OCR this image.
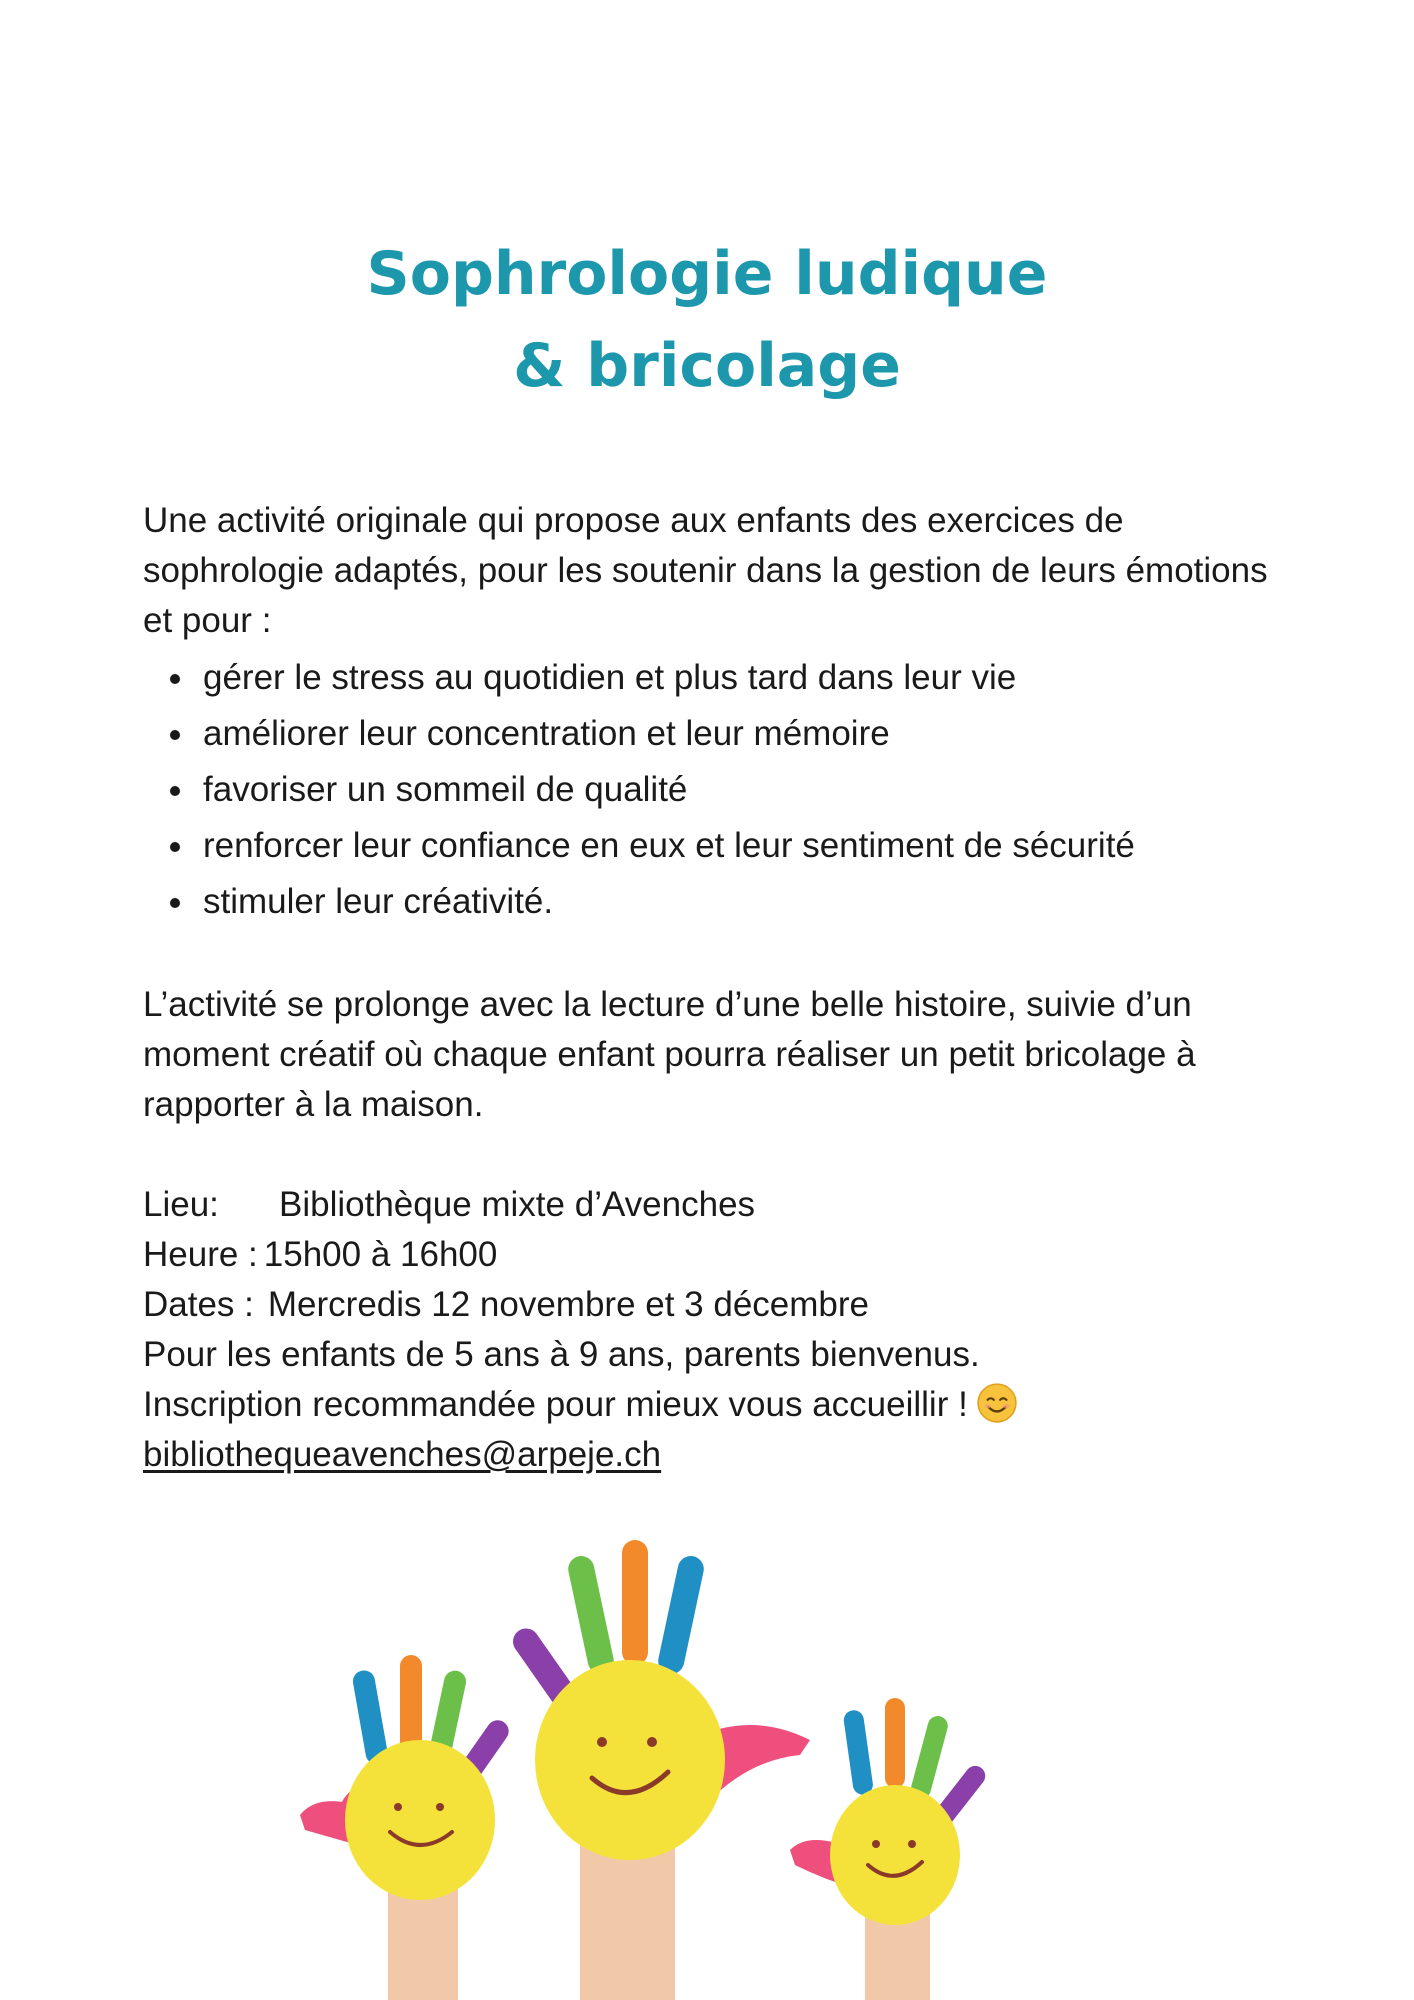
Sophrologie ludique
& bricolage

Une activité originale qui propose aux enfants des exercices de sophrologie adaptés, pour les soutenir dans la gestion de leurs émotions et pour :

gérer le stress au quotidien et plus tard dans leur vie
améliorer leur concentration et leur mémoire
favoriser un sommeil de qualité
renforcer leur confiance en eux et leur sentiment de sécurité
stimuler leur créativité.

L’activité se prolonge avec la lecture d’une belle histoire, suivie d’un moment créatif où chaque enfant pourra réaliser un petit bricolage à rapporter à la maison.

Lieu: Bibliothèque mixte d’Avenches
Heure : 15h00 à 16h00
Dates : Mercredis 12 novembre et 3 décembre
Pour les enfants de 5 ans à 9 ans, parents bienvenus.
Inscription recommandée pour mieux vous accueillir !
bibliothequeavenches@arpeje.ch
